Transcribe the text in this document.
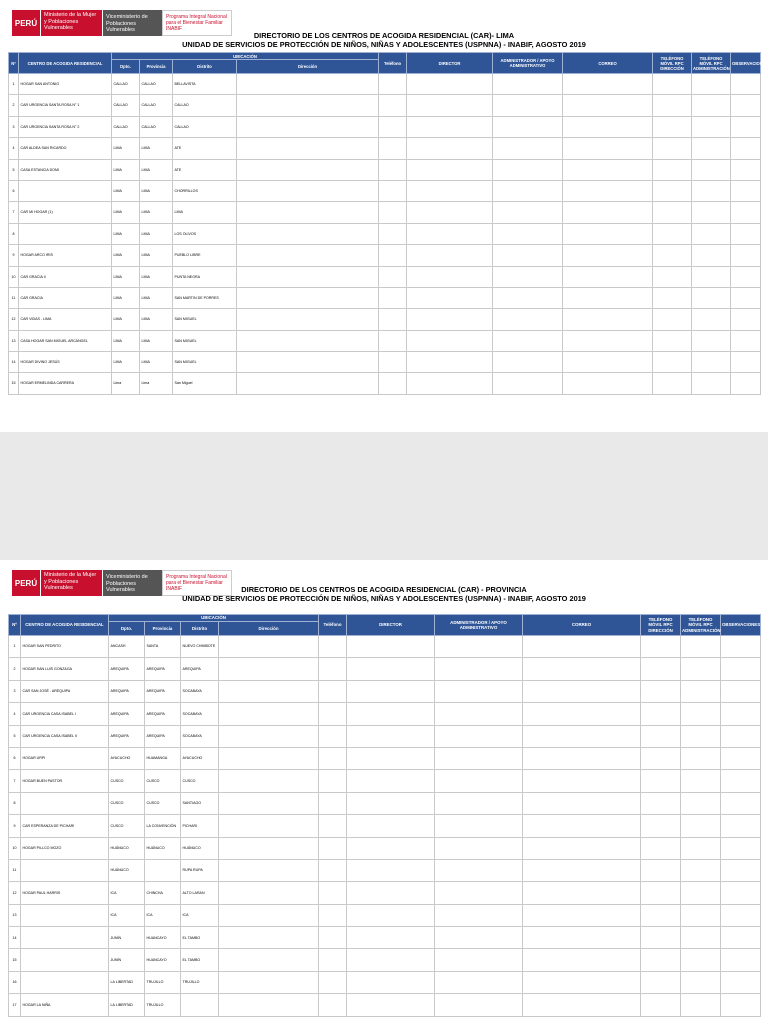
PERÚ
Ministerio de la Mujer y Poblaciones Vulnerables
Viceministerio de Poblaciones Vulnerables
Programa Integral Nacional para el Bienestar Familiar INABIF
DIRECTORIO DE LOS CENTROS DE ACOGIDA RESIDENCIAL (CAR)- LIMA
UNIDAD DE SERVICIOS DE PROTECCIÓN DE NIÑOS, NIÑAS Y ADOLESCENTES (USPNNA) - INABIF, AGOSTO 2019
Nº	CENTRO DE ACOGIDA RESIDENCIAL	UBICACIÓN				Teléfono	DIRECTOR	ADMINISTRADOR / APOYO ADMINISTRATIVO	CORREO	TELÉFONO MÓVIL RPC DIRECCIÓN	TELÉFONO MÓVIL RPC ADMINISTRACIÓN	OBSERVACIONES
		Dpto.	Provincia	Distrito	Dirección							
1	HOGAR SAN ANTONIO	CALLAO	CALLAO	BELLAVISTA								
2	CAR URGENCIA SANTA ROSA N° 1	CALLAO	CALLAO	CALLAO								
3	CAR URGENCIA SANTA ROSA N° 2	CALLAO	CALLAO	CALLAO								
4	CAR ALDEA SAN RICARDO	LIMA	LIMA	ATE								
5	CASA ESTANCIA DOMI	LIMA	LIMA	ATE								
6		LIMA	LIMA	CHORRILLOS								
7	CAR MI HOGAR (1)	LIMA	LIMA	LIMA								
8		LIMA	LIMA	LOS OLIVOS								
9	HOGAR ARCO IRIS	LIMA	LIMA	PUEBLO LIBRE								
10	CAR GRACIA II	LIMA	LIMA	PUNTA NEGRA								
11	CAR GRACIA	LIMA	LIMA	SAN MARTIN DE PORRES								
12	CAR VIDAS - LIMA	LIMA	LIMA	SAN MIGUEL								
13	CASA HOGAR SAN MIGUEL ARCÁNGEL	LIMA	LIMA	SAN MIGUEL								
14	HOGAR DIVINO JESÚS	LIMA	LIMA	SAN MIGUEL								
15	HOGAR ERMELINDA CARRERA	Lima	Lima	San Miguel								
PERÚ
Ministerio de la Mujer y Poblaciones Vulnerables
Viceministerio de Poblaciones Vulnerables
Programa Integral Nacional para el Bienestar Familiar INABIF	DIRECTORIO DE LOS CENTROS DE ACOGIDA RESIDENCIAL (CAR) - PROVINCIA
UNIDAD DE SERVICIOS DE PROTECCIÓN DE NIÑOS, NIÑAS Y ADOLESCENTES (USPNNA) - INABIF, AGOSTO 2019
Nº	CENTRO DE ACOGIDA RESIDENCIAL	UBICACIÓN				Teléfono	DIRECTOR	ADMINISTRADOR / APOYO ADMINISTRATIVO	CORREO	TELÉFONO MÓVIL RPC DIRECCIÓN	TELÉFONO MÓVIL RPC ADMINISTRACIÓN	OBSERVACIONES
		Dpto.	Provincia	Distrito	Dirección							
1	HOGAR SAN PEDRITO	ANCASH	SANTA	NUEVO CHIMBOTE								
2	HOGAR SAN LUIS GONZAGA	AREQUIPA	AREQUIPA	AREQUIPA								
3	CAR SAN JOSÉ - AREQUIPA	AREQUIPA	AREQUIPA	SOCABAYA								
4	CAR URGENCIA CASA ISABEL I	AREQUIPA	AREQUIPA	SOCABAYA								
5	CAR URGENCIA CASA ISABEL II	AREQUIPA	AREQUIPA	SOCABAYA								
6	HOGAR URPI	AYACUCHO	HUAMANGA	AYACUCHO								
7	HOGAR BUEN PASTOR	CUSCO	CUSCO	CUSCO								
8		CUSCO	CUSCO	SANTIAGO								
9	CAR ESPERANZA DE PICHARI	CUSCO	LA CONVENCIÓN	PICHARI								
10	HOGAR PILLCO MOZO	HUÁNUCO	HUÁNUCO	HUÁNUCO								
11		HUÁNUCO		RUPA RUPA								
12	HOGAR PAUL HARRIS	ICA	CHINCHA	ALTO LARAN								
13		ICA	ICA	ICA								
14		JUNÍN	HUANCAYO	EL TAMBO								
15		JUNÍN	HUANCAYO	EL TAMBO								
16		LA LIBERTAD	TRUJILLO	TRUJILLO								
17	HOGAR LA NIÑA	LA LIBERTAD	TRUJILLO									
